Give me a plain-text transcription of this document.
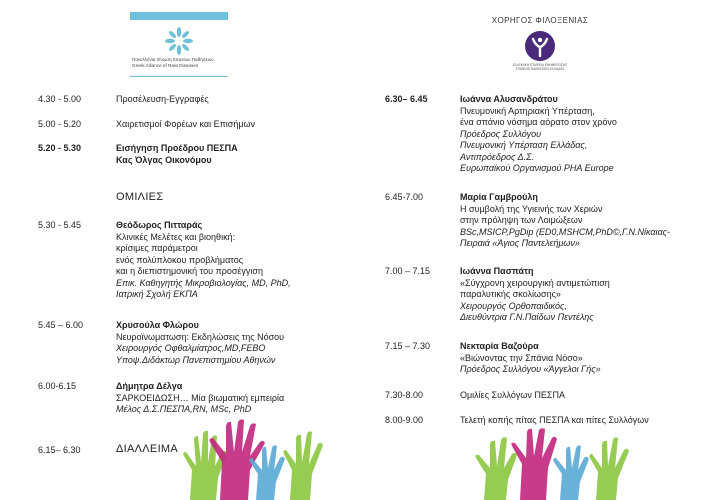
Πανελλήνια Ένωση Σπανίων Παθήσεων
Greek Alliance of Rare Diseases
ΧΟΡΗΓΟΣ ΦΙΛΟΞΕΝΙΑΣ
ΕΛΛΗΝΙΚΗ ΕΤΑΙΡΕΙΑ ΕΝΗΜΕΡΩΣΗΣ
ΣΠΑΝΙΩΝ ΠΑΘΗΣΕΩΝ ΕΛΛΑΔΑΣ
4.30 - 5.00	Προσέλευση-Εγγραφές
5.00 - 5.20	Χαιρετισμοί Φορέων και Επισήμων
5.20 - 5.30	Εισήγηση Προέδρου ΠΕΣΠΑ
Κας Όλγας Οικονόμου
ΟΜΙΛΙΕΣ
5.30 - 5.45	Θεόδωρος Πιτταράς
Κλινικές Μελέτες και βιοηθική:
κρίσιμες παράμετροι
ενός πολύπλοκου προβλήματος
και η διεπιστημονική του προσέγγιση
Επικ. Καθηγητής Μικροβιολογίας, MD, PhD,
Ιατρική Σχολή ΕΚΠΑ
5.45 – 6.00	Χρυσούλα Φλώρου
Νευροϊνωματωση: Εκδηλώσεις της Νόσου
Χειρουργός Οφθαλμίατρος,MD,FEBO
Υποψ.Διδάκτωρ Πανεπιστημίου Αθηνών
6.00-6.15	Δήμητρα Δέλγα
ΣΑΡΚΟΕΙΔΩΣΗ… Μία βιωματική εμπειρία
Μέλος Δ.Σ.ΠΕΣΠΑ,RN, MSc, PhD
6.15– 6.30	ΔΙΑΛΛΕΙΜΑ
6.30– 6.45	Ιωάννα Αλυσανδράτου
Πνευμονική Αρτηριακή Υπέρταση,
ένα σπάνιο νόσημα αόρατο στον χρόνο
Πρόεδρος Συλλόγου
Πνευμονική Υπέρταση Ελλάδας,
Αντιπρόεδρος Δ.Σ.
Ευρωπαϊκού Οργανισμού PHA Europe
6.45-7.00	Μαρία Γαμβρούλη
Η συμβολή της Υγιεινής των Χεριών
στην πρόληψη των Λοιμώξεων
BSc,MSICP,PgDip (ED0,MSHCM,PhD©,Γ.Ν.Νίκαιας-
Πειραιά «Άγιος Παντελεήμων»
7.00 – 7.15	Ιωάννα Πασπάτη
«Σύγχρονη χειρουργική αντιμετώπιση
παραλυτικής σκολίωσης»
Χειρουργός Ορθοπαιδικός,
Διευθύντρια Γ.Ν.Παίδων Πεντέλης
7.15 – 7.30	Νεκταρία Βαζούρα
«Βιώνοντας την Σπάνια Νόσο»
Πρόεδρος Συλλόγου «Άγγελοι Γής»
7.30-8.00	Ομιλίες Συλλόγων ΠΕΣΠΑ
8.00-9.00	Τελετή κοπής πίτας ΠΕΣΠΑ και πίτες Συλλόγων
